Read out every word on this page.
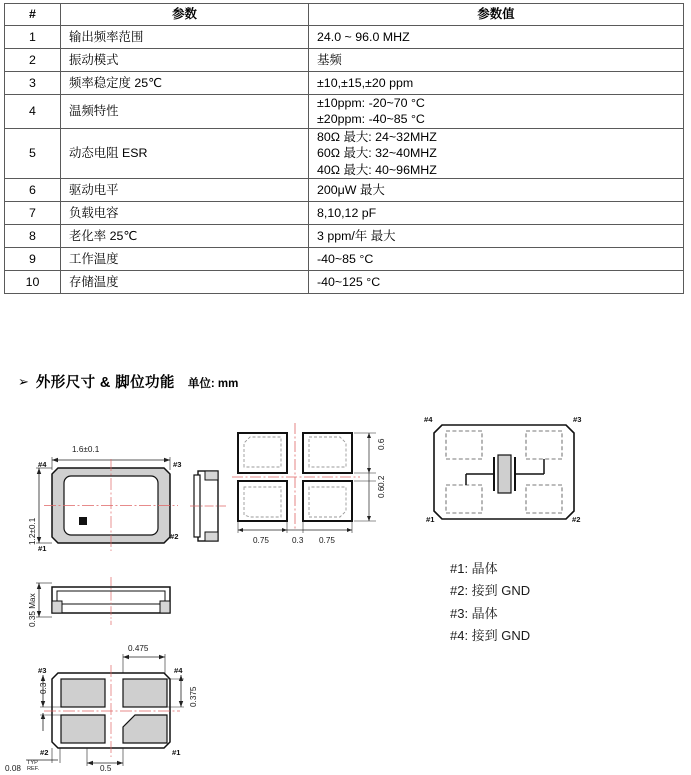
#	参数	参数值
1	输出频率范围	24.0 ~ 96.0 MHZ
2	振动模式	基频
3	频率稳定度 25℃	±10,±15,±20 ppm
4	温频特性	±10ppm: -20~70 °C
±20ppm: -40~85 °C

5	动态电阻 ESR	80Ω 最大: 24~32MHZ
60Ω 最大: 32~40MHZ
40Ω 最大: 40~96MHZ

6	驱动电平	200μW 最大
7	负载电容	8,10,12 pF
8	老化率 25℃	3 ppm/年 最大
9	工作温度	-40~85 °C
10	存储温度	-40~125 °C
➢ 外形尺寸 & 脚位功能 单位: mm
1.6±0.1
1.2±0.1
#4	#3
#1
#2
0.35 Max
0.475
0.375
0.3
0.5
0.08
TYP
REF.
#3	#4
#2	#1
0.75	0.3 0.75
0.6
0.2
0.6
#4	#3
#1	#2
#1: 晶体
#2: 接到 GND
#3: 晶体
#4: 接到 GND
